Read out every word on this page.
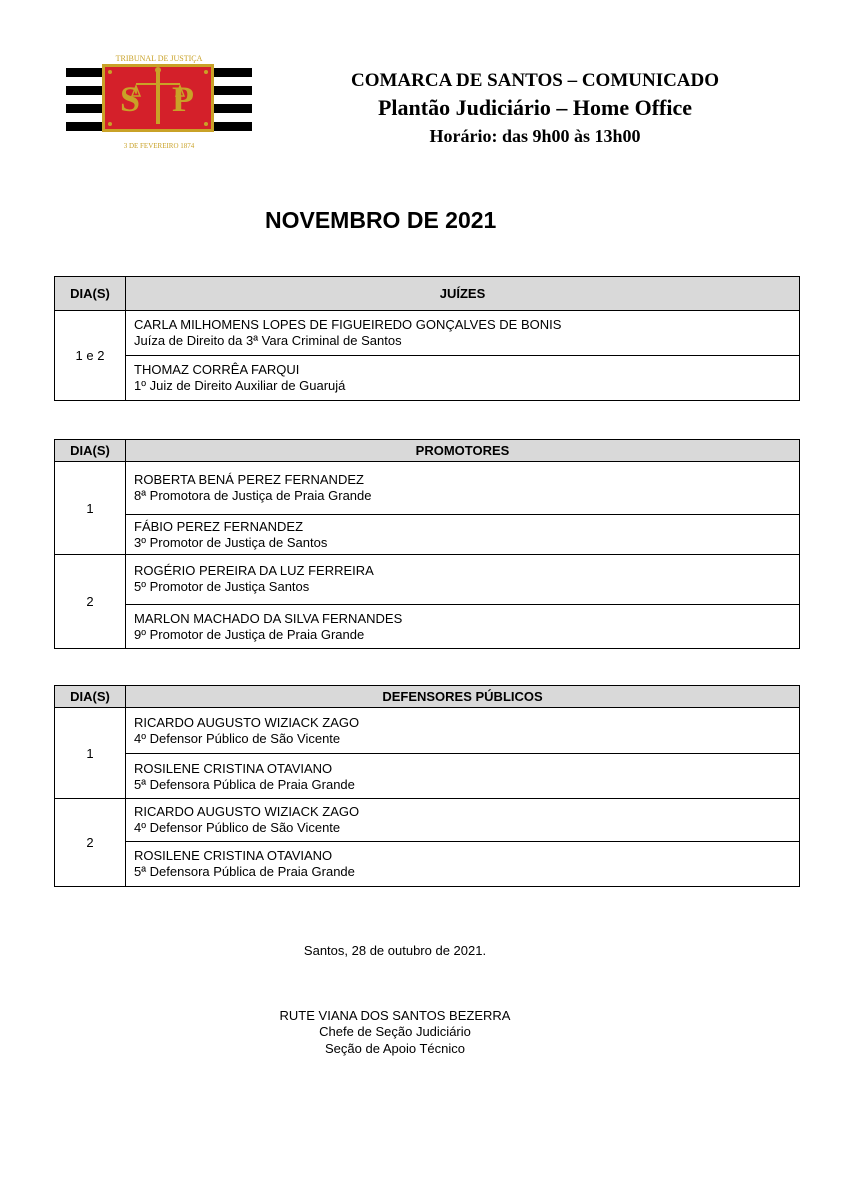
S P
TRIBUNAL DE JUSTIÇA
3 DE FEVEREIRO 1874
COMARCA DE SANTOS – COMUNICADO
Plantão Judiciário – Home Office
Horário: das 9h00 às 13h00
NOVEMBRO DE 2021
DIA(S)	JUÍZES
1 e 2	CARLA MILHOMENS LOPES DE FIGUEIREDO GONÇALVES DE BONIS
Juíza de Direito da 3ª Vara Criminal de Santos

	THOMAZ CORRÊA FARQUI
1º Juiz de Direito Auxiliar de Guarujá
DIA(S)	PROMOTORES
1	ROBERTA BENÁ PEREZ FERNANDEZ
8ª Promotora de Justiça de Praia Grande

	FÁBIO PEREZ FERNANDEZ
3º Promotor de Justiça de Santos

2	ROGÉRIO PEREIRA DA LUZ FERREIRA
5º Promotor de Justiça Santos

	MARLON MACHADO DA SILVA FERNANDES
9º Promotor de Justiça de Praia Grande
DIA(S)	DEFENSORES PÚBLICOS
1	RICARDO AUGUSTO WIZIACK ZAGO
4º Defensor Público de São Vicente

	ROSILENE CRISTINA OTAVIANO
5ª Defensora Pública de Praia Grande

2	RICARDO AUGUSTO WIZIACK ZAGO
4º Defensor Público de São Vicente

	ROSILENE CRISTINA OTAVIANO
5ª Defensora Pública de Praia Grande
Santos, 28 de outubro de 2021.
RUTE VIANA DOS SANTOS BEZERRA
Chefe de Seção Judiciário
Seção de Apoio Técnico
